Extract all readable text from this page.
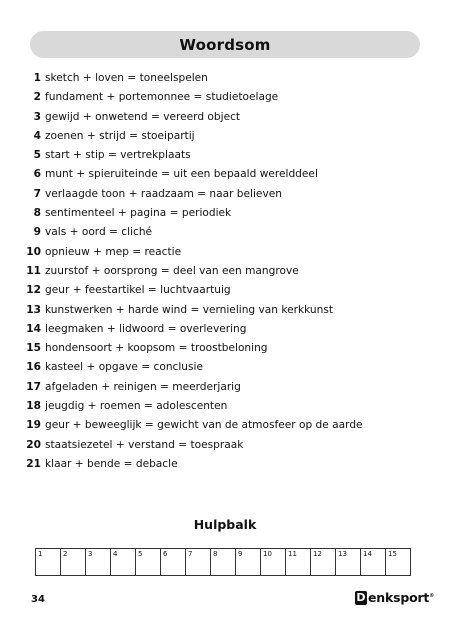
Woordsom
1 sketch + loven = toneelspelen
2 fundament + portemonnee = studietoelage
3 gewijd + onwetend = vereerd object
4 zoenen + strijd = stoeipartij
5 start + stip = vertrekplaats
6 munt + spieruiteinde = uit een bepaald werelddeel
7 verlaagde toon + raadzaam = naar believen
8 sentimenteel + pagina = periodiek
9 vals + oord = cliché
10 opnieuw + mep = reactie
11 zuurstof + oorsprong = deel van een mangrove
12 geur + feestartikel = luchtvaartuig
13 kunstwerken + harde wind = vernieling van kerkkunst
14 leegmaken + lidwoord = overlevering
15 hondensoort + koopsom = troostbeloning
16 kasteel + opgave = conclusie
17 afgeladen + reinigen = meerderjarig
18 jeugdig + roemen = adolescenten
19 geur + beweeglijk = gewicht van de atmosfeer op de aarde
20 staatsiezetel + verstand = toespraak
21 klaar + bende = debacle
Hulpbalk
1	2	3	4	5	6	7	8	9	10 11 12 13 14 15
34	D enksport®
